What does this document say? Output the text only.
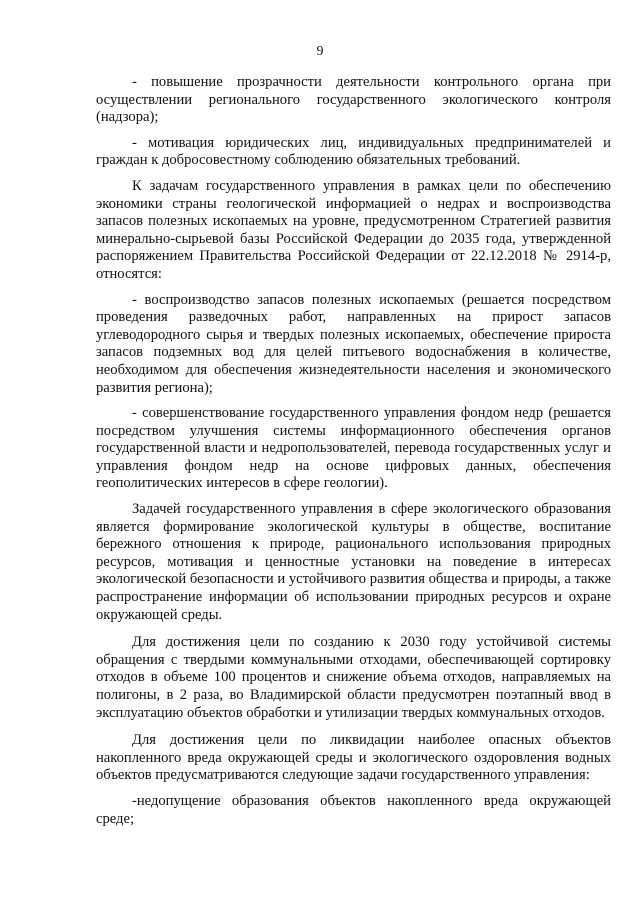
9

- повышение прозрачности деятельности контрольного органа при осуществлении регионального государственного экологического контроля (надзора);

- мотивация юридических лиц, индивидуальных предпринимателей и граждан к добросовестному соблюдению обязательных требований.

К задачам государственного управления в рамках цели по обеспечению экономики страны геологической информацией о недрах и воспроизводства запасов полезных ископаемых на уровне, предусмотренном Стратегией развития минерально-сырьевой базы Российской Федерации до 2035 года, утвержденной распоряжением Правительства Российской Федерации от 22.12.2018 № 2914-р, относятся:

- воспроизводство запасов полезных ископаемых (решается посредством проведения разведочных работ, направленных на прирост запасов углеводородного сырья и твердых полезных ископаемых, обеспечение прироста запасов подземных вод для целей питьевого водоснабжения в количестве, необходимом для обеспечения жизнедеятельности населения и экономического развития региона);

- совершенствование государственного управления фондом недр (решается посредством улучшения системы информационного обеспечения органов государственной власти и недропользователей, перевода государственных услуг и управления фондом недр на основе цифровых данных, обеспечения геополитических интересов в сфере геологии).

Задачей государственного управления в сфере экологического образования является формирование экологической культуры в обществе, воспитание бережного отношения к природе, рационального использования природных ресурсов, мотивация и ценностные установки на поведение в интересах экологической безопасности и устойчивого развития общества и природы, а также распространение информации об использовании природных ресурсов и охране окружающей среды.

Для достижения цели по созданию к 2030 году устойчивой системы обращения с твердыми коммунальными отходами, обеспечивающей сортировку отходов в объеме 100 процентов и снижение объема отходов, направляемых на полигоны, в 2 раза, во Владимирской области предусмотрен поэтапный ввод в эксплуатацию объектов обработки и утилизации твердых коммунальных отходов.

Для достижения цели по ликвидации наиболее опасных объектов накопленного вреда окружающей среды и экологического оздоровления водных объектов предусматриваются следующие задачи государственного управления:

-недопущение образования объектов накопленного вреда окружающей среде;
